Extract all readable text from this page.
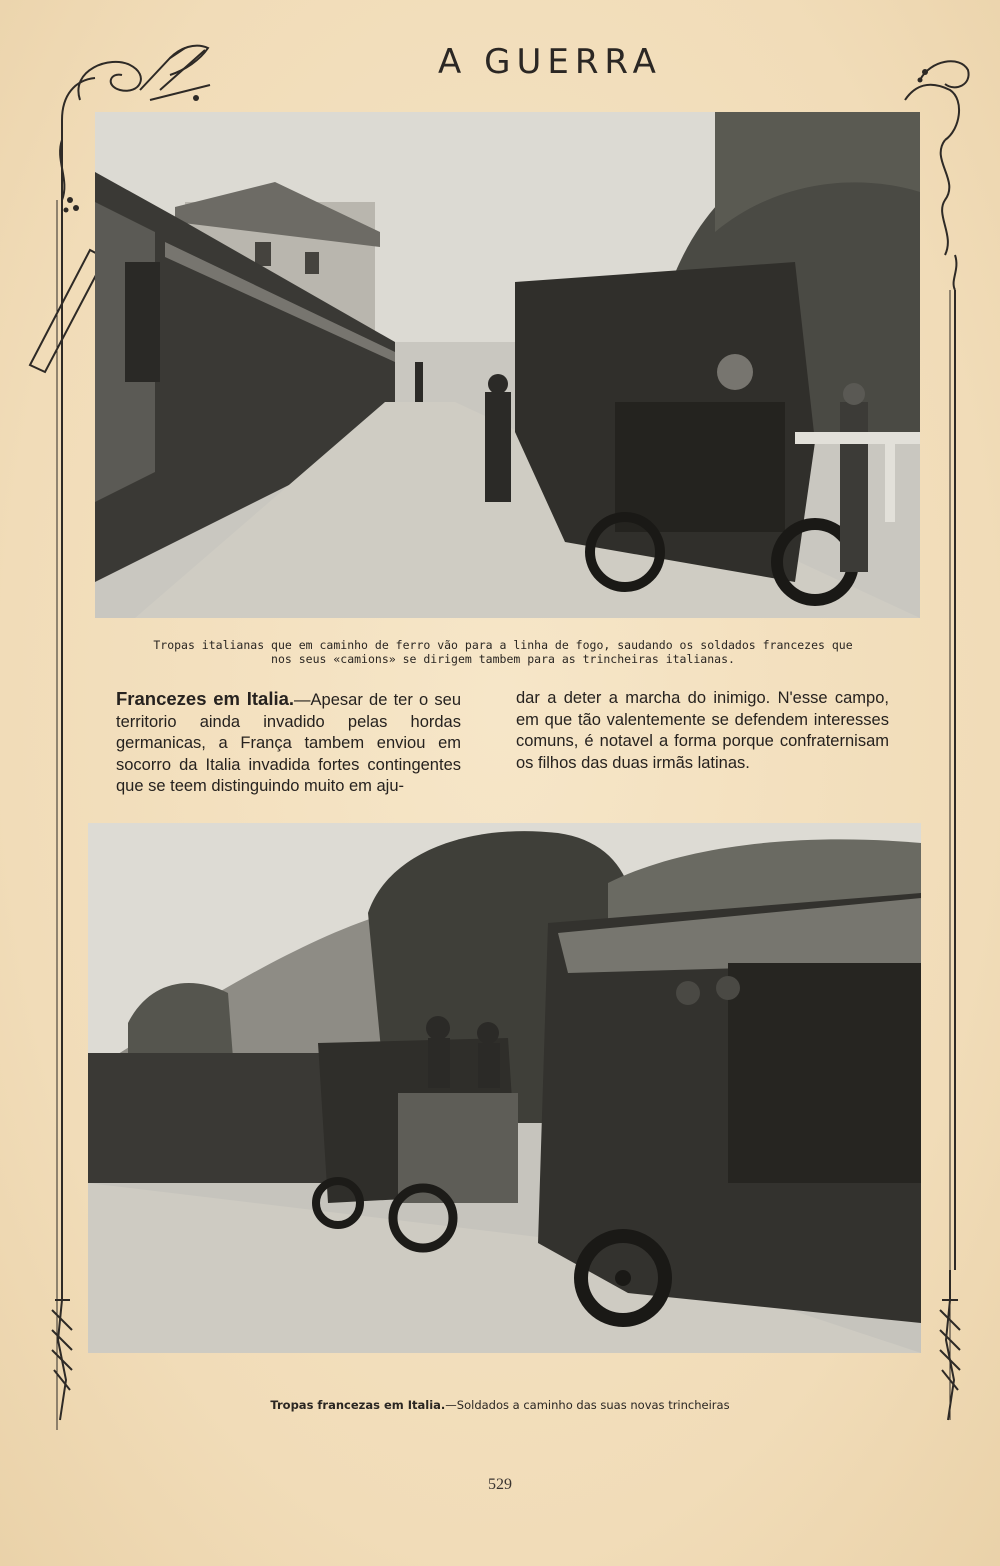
A GUERRA
Tropas italianas que em caminho de ferro vão para a linha de fogo, saudando os soldados francezes que
nos seus «camions» se dirigem tambem para as trincheiras italianas.
Francezes em Italia.—Apesar de ter o seu territorio ainda invadido pelas hordas germanicas, a França tambem enviou em socorro da Italia invadida fortes contingentes que se teem distinguindo muito em aju-
dar a deter a marcha do inimigo. N'esse campo, em que tão valentemente se defendem interesses comuns, é notavel a forma porque confraternisam os filhos das duas irmãs latinas.
Tropas francezas em Italia.—Soldados a caminho das suas novas trincheiras
529
